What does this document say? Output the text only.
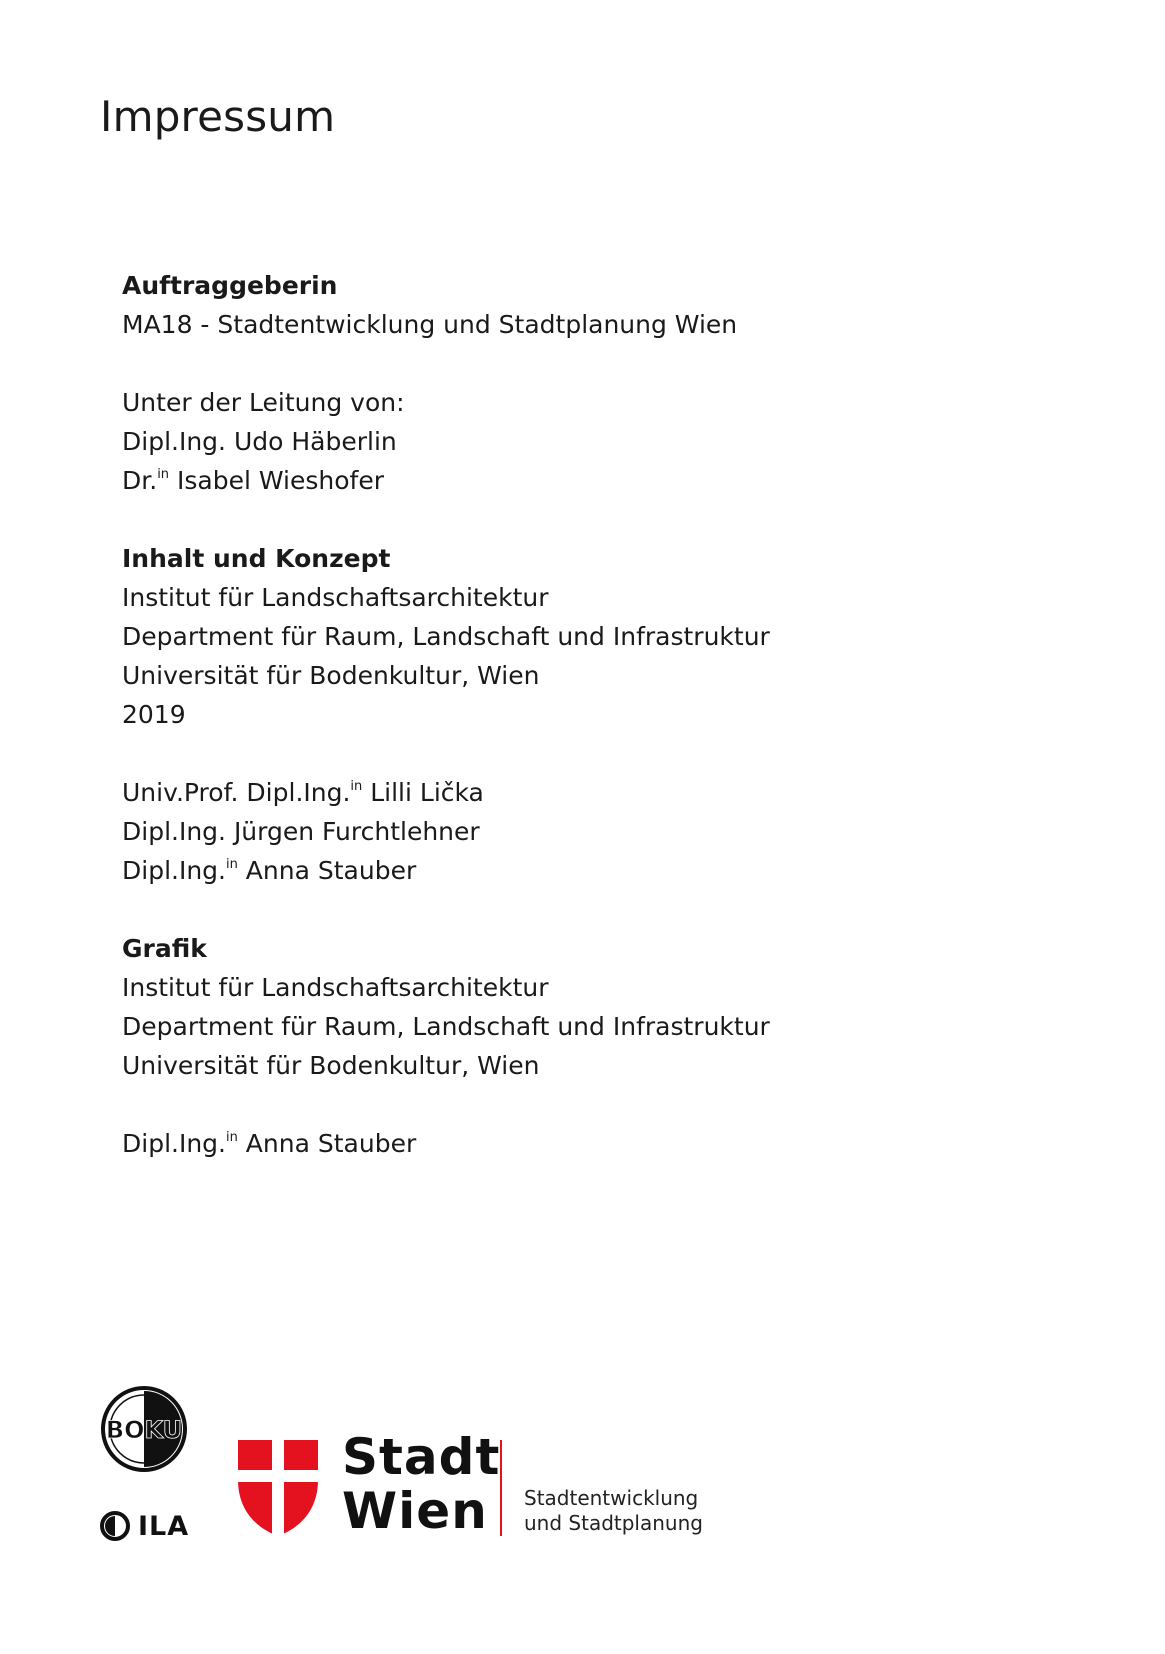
Impressum
Auftraggeberin
MA18 - Stadtentwicklung und Stadtplanung Wien
Unter der Leitung von:
Dipl.Ing. Udo Häberlin
Dr.$^{in}$ Isabel Wieshofer
Inhalt und Konzept
Institut für Landschaftsarchitektur
Department für Raum, Landschaft und Infrastruktur
Universität für Bodenkultur, Wien
2019
Univ.Prof. Dipl.Ing.$^{in}$ Lilli Lička
Dipl.Ing. Jürgen Furchtlehner
Dipl.Ing.$^{in}$ Anna Stauber
Grafik
Institut für Landschaftsarchitektur
Department für Raum, Landschaft und Infrastruktur
Universität für Bodenkultur, Wien
Dipl.Ing.$^{in}$ Anna Stauber
BOKU
ILA
Stadt
Wien	Stadtentwicklung
und Stadtplanung
